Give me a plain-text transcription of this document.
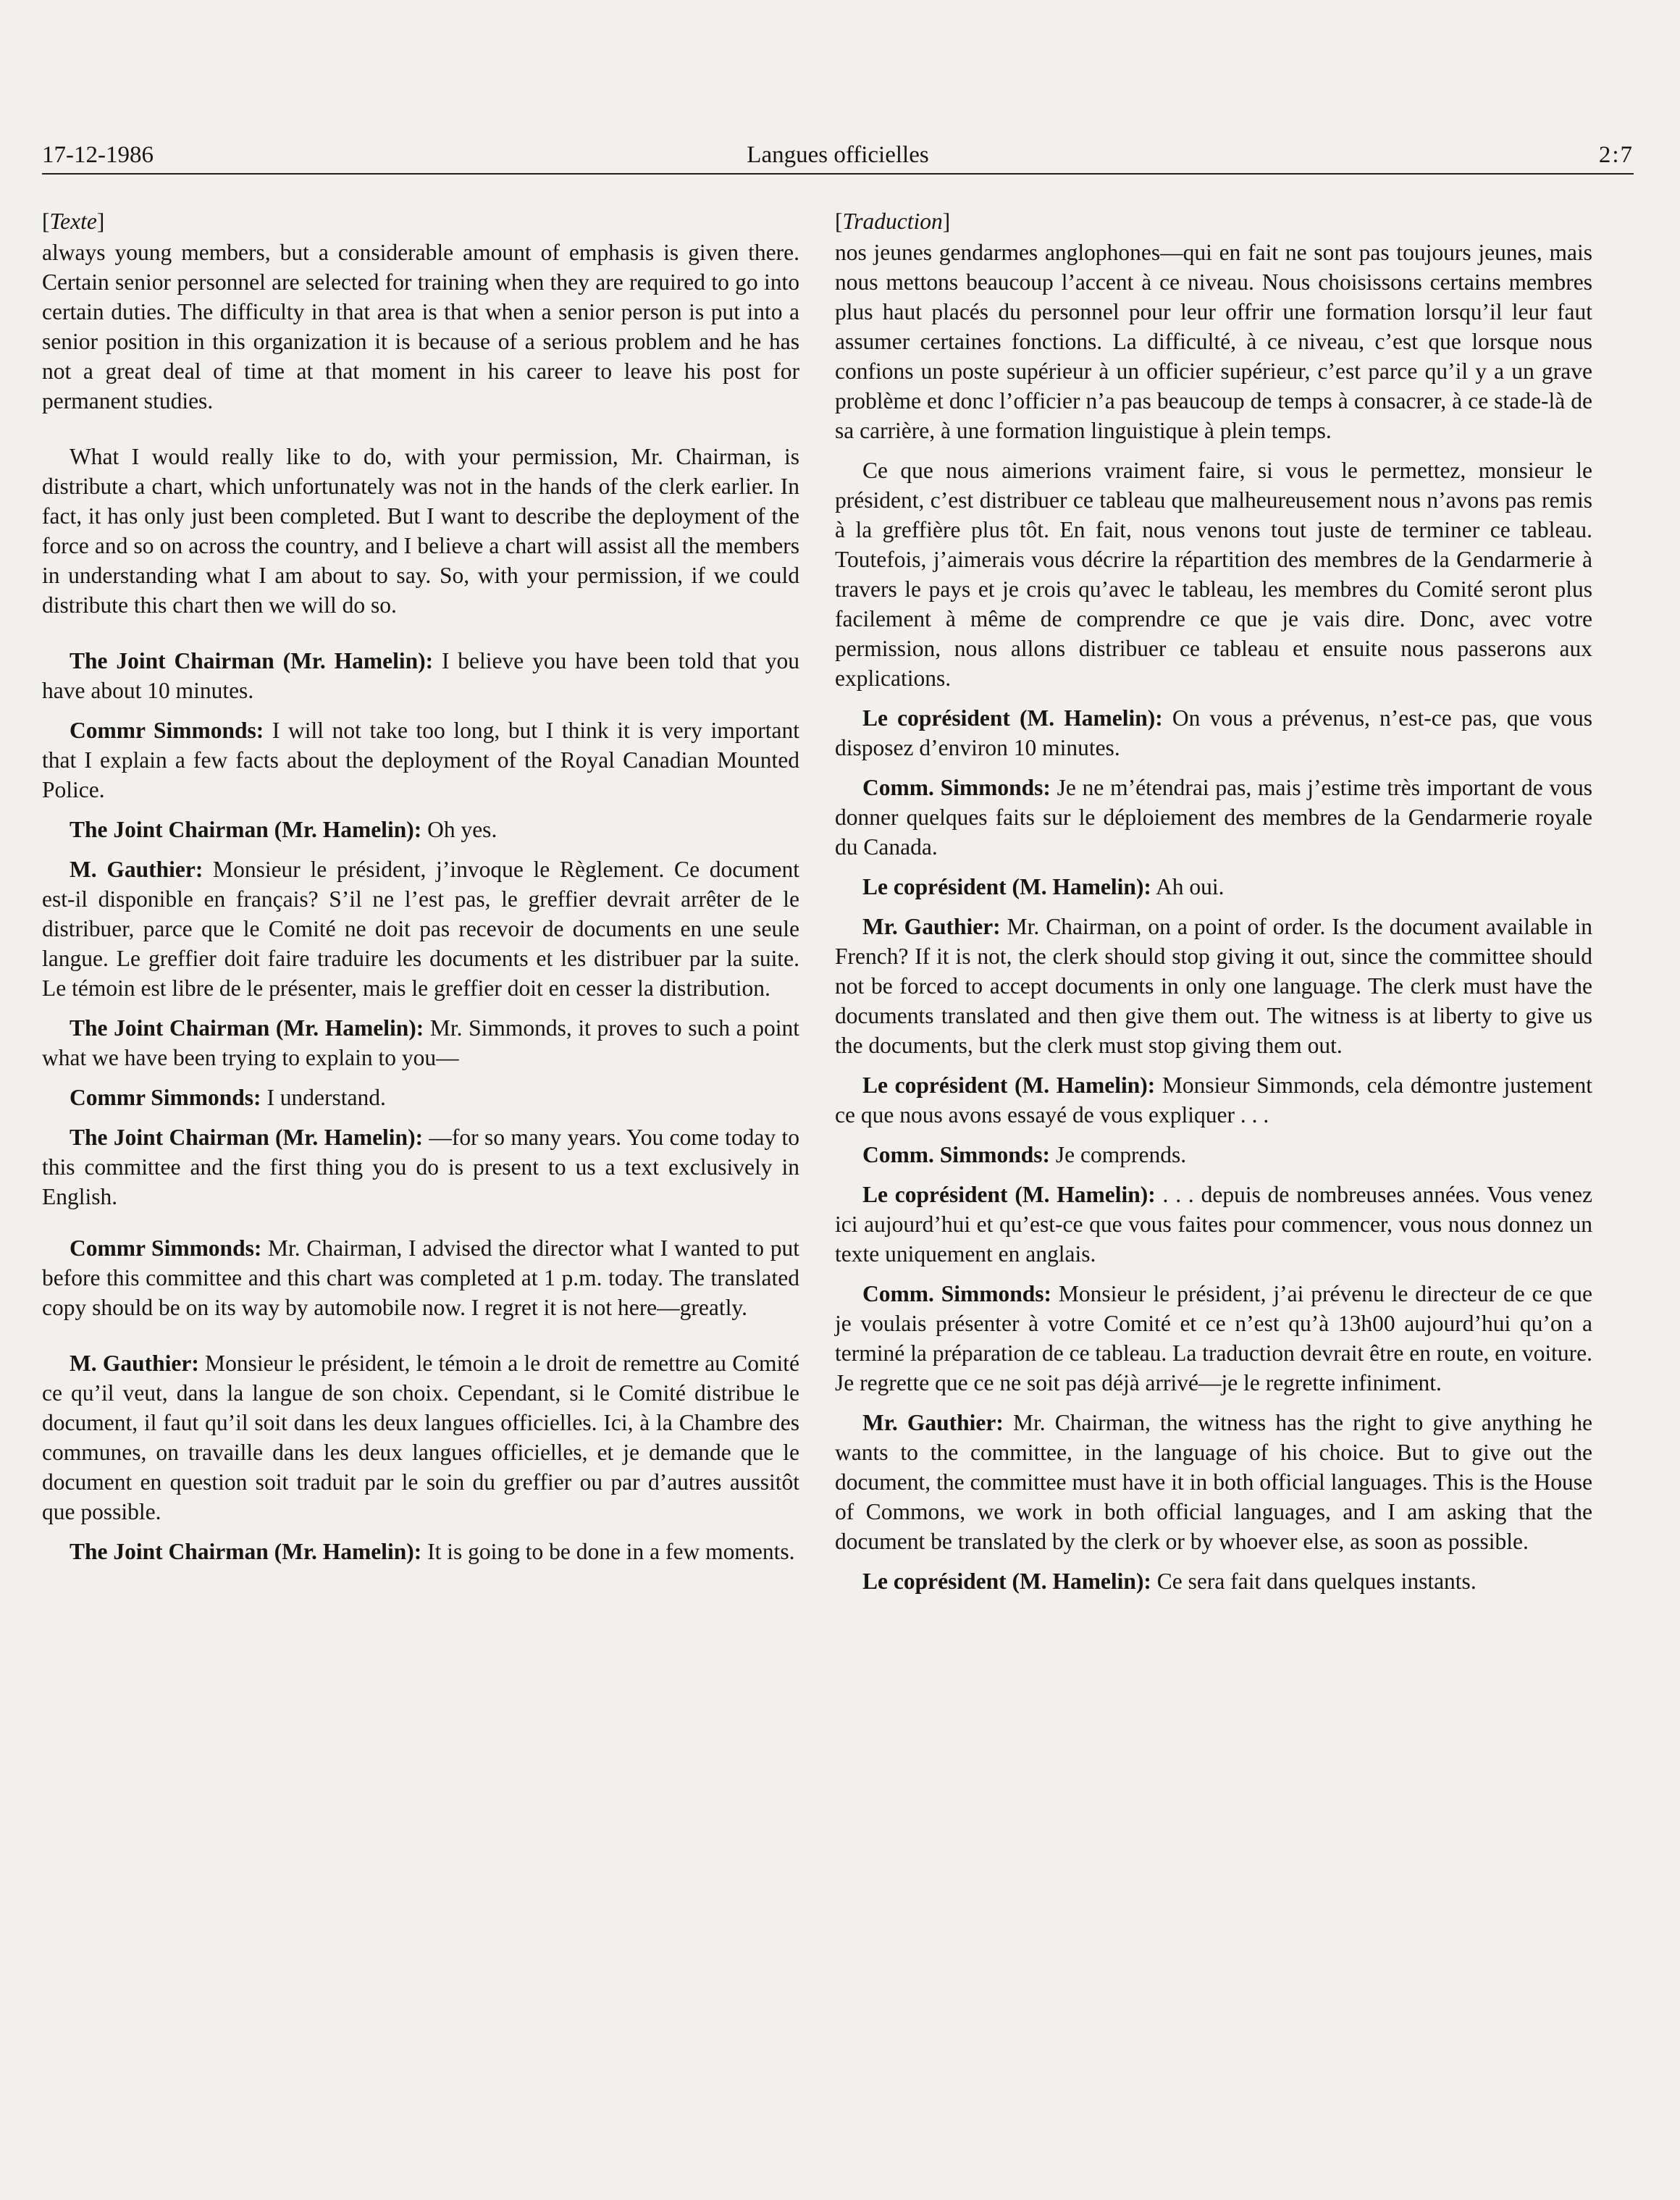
17-12-1986	Langues officielles	2:7
[Texte]

always young members, but a considerable amount of emphasis is given there. Certain senior personnel are selected for training when they are required to go into certain duties. The difficulty in that area is that when a senior person is put into a senior position in this organization it is because of a serious problem and he has not a great deal of time at that moment in his career to leave his post for permanent studies.

What I would really like to do, with your permission, Mr. Chairman, is distribute a chart, which unfortunately was not in the hands of the clerk earlier. In fact, it has only just been completed. But I want to describe the deployment of the force and so on across the country, and I believe a chart will assist all the members in understanding what I am about to say. So, with your permission, if we could distribute this chart then we will do so.

The Joint Chairman (Mr. Hamelin): I believe you have been told that you have about 10 minutes.

Commr Simmonds: I will not take too long, but I think it is very important that I explain a few facts about the deployment of the Royal Canadian Mounted Police.

The Joint Chairman (Mr. Hamelin): Oh yes.

M. Gauthier: Monsieur le président, j’invoque le Règlement. Ce document est-il disponible en français? S’il ne l’est pas, le greffier devrait arrêter de le distribuer, parce que le Comité ne doit pas recevoir de documents en une seule langue. Le greffier doit faire traduire les documents et les distribuer par la suite. Le témoin est libre de le présenter, mais le greffier doit en cesser la distribution.

The Joint Chairman (Mr. Hamelin): Mr. Simmonds, it proves to such a point what we have been trying to explain to you—

Commr Simmonds: I understand.

The Joint Chairman (Mr. Hamelin): —for so many years. You come today to this committee and the first thing you do is present to us a text exclusively in English.

Commr Simmonds: Mr. Chairman, I advised the director what I wanted to put before this committee and this chart was completed at 1 p.m. today. The translated copy should be on its way by automobile now. I regret it is not here—greatly.

M. Gauthier: Monsieur le président, le témoin a le droit de remettre au Comité ce qu’il veut, dans la langue de son choix. Cependant, si le Comité distribue le document, il faut qu’il soit dans les deux langues officielles. Ici, à la Chambre des communes, on travaille dans les deux langues officielles, et je demande que le document en question soit traduit par le soin du greffier ou par d’autres aussitôt que possible.

The Joint Chairman (Mr. Hamelin): It is going to be done in a few moments.

[Traduction]

nos jeunes gendarmes anglophones—qui en fait ne sont pas toujours jeunes, mais nous mettons beaucoup l’accent à ce niveau. Nous choisissons certains membres plus haut placés du personnel pour leur offrir une formation lorsqu’il leur faut assumer certaines fonctions. La difficulté, à ce niveau, c’est que lorsque nous confions un poste supérieur à un officier supérieur, c’est parce qu’il y a un grave problème et donc l’officier n’a pas beaucoup de temps à consacrer, à ce stade-là de sa carrière, à une formation linguistique à plein temps.

Ce que nous aimerions vraiment faire, si vous le permettez, monsieur le président, c’est distribuer ce tableau que malheureusement nous n’avons pas remis à la greffière plus tôt. En fait, nous venons tout juste de terminer ce tableau. Toutefois, j’aimerais vous décrire la répartition des membres de la Gendarmerie à travers le pays et je crois qu’avec le tableau, les membres du Comité seront plus facilement à même de comprendre ce que je vais dire. Donc, avec votre permission, nous allons distribuer ce tableau et ensuite nous passerons aux explications.

Le coprésident (M. Hamelin): On vous a prévenus, n’est-ce pas, que vous disposez d’environ 10 minutes.

Comm. Simmonds: Je ne m’étendrai pas, mais j’estime très important de vous donner quelques faits sur le déploiement des membres de la Gendarmerie royale du Canada.

Le coprésident (M. Hamelin): Ah oui.

Mr. Gauthier: Mr. Chairman, on a point of order. Is the document available in French? If it is not, the clerk should stop giving it out, since the committee should not be forced to accept documents in only one language. The clerk must have the documents translated and then give them out. The witness is at liberty to give us the documents, but the clerk must stop giving them out.

Le coprésident (M. Hamelin): Monsieur Simmonds, cela démontre justement ce que nous avons essayé de vous expliquer . . .

Comm. Simmonds: Je comprends.

Le coprésident (M. Hamelin): . . . depuis de nombreuses années. Vous venez ici aujourd’hui et qu’est-ce que vous faites pour commencer, vous nous donnez un texte uniquement en anglais.

Comm. Simmonds: Monsieur le président, j’ai prévenu le directeur de ce que je voulais présenter à votre Comité et ce n’est qu’à 13h00 aujourd’hui qu’on a terminé la préparation de ce tableau. La traduction devrait être en route, en voiture. Je regrette que ce ne soit pas déjà arrivé—je le regrette infiniment.

Mr. Gauthier: Mr. Chairman, the witness has the right to give anything he wants to the committee, in the language of his choice. But to give out the document, the committee must have it in both official languages. This is the House of Commons, we work in both official languages, and I am asking that the document be translated by the clerk or by whoever else, as soon as possible.

Le coprésident (M. Hamelin): Ce sera fait dans quelques instants.
